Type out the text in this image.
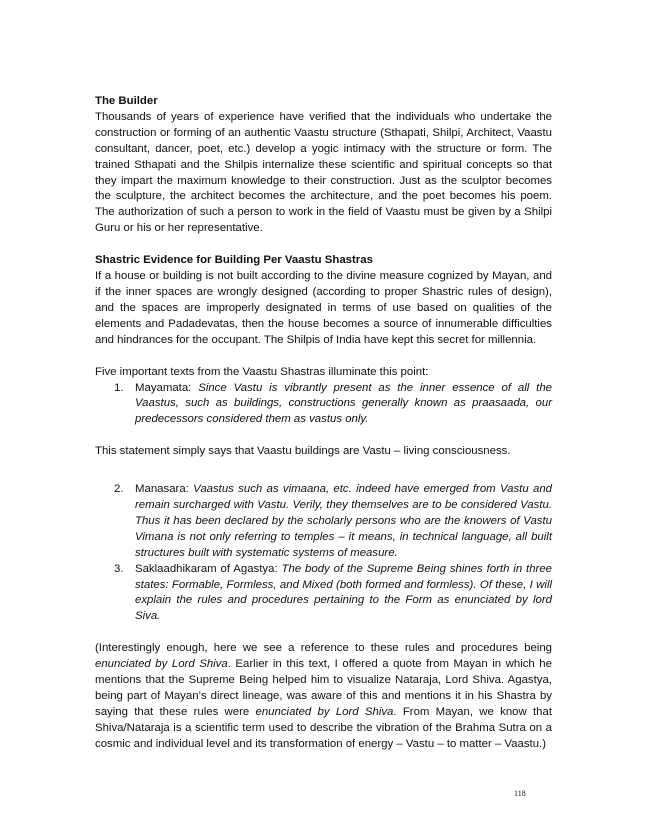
The Builder

Thousands of years of experience have verified that the individuals who undertake the construction or forming of an authentic Vaastu structure (Sthapati, Shilpi, Architect, Vaastu consultant, dancer, poet, etc.) develop a yogic intimacy with the structure or form. The trained Sthapati and the Shilpis internalize these scientific and spiritual concepts so that they impart the maximum knowledge to their construction. Just as the sculptor becomes the sculpture, the architect becomes the architecture, and the poet becomes his poem. The authorization of such a person to work in the field of Vaastu must be given by a Shilpi Guru or his or her representative.

Shastric Evidence for Building Per Vaastu Shastras

If a house or building is not built according to the divine measure cognized by Mayan, and if the inner spaces are wrongly designed (according to proper Shastric rules of design), and the spaces are improperly designated in terms of use based on qualities of the elements and Padadevatas, then the house becomes a source of innumerable difficulties and hindrances for the occupant. The Shilpis of India have kept this secret for millennia.

Five important texts from the Vaastu Shastras illuminate this point:

1. Mayamata: Since Vastu is vibrantly present as the inner essence of all the Vaastus, such as buildings, constructions generally known as praasaada, our predecessors considered them as vastus only.

This statement simply says that Vaastu buildings are Vastu – living consciousness.

2. Manasara: Vaastus such as vimaana, etc. indeed have emerged from Vastu and remain surcharged with Vastu. Verily, they themselves are to be considered Vastu. Thus it has been declared by the scholarly persons who are the knowers of Vastu Vimana is not only referring to temples – it means, in technical language, all built structures built with systematic systems of measure.
3. Saklaadhikaram of Agastya: The body of the Supreme Being shines forth in three states: Formable, Formless, and Mixed (both formed and formless). Of these, I will explain the rules and procedures pertaining to the Form as enunciated by lord Siva.

(Interestingly enough, here we see a reference to these rules and procedures being enunciated by Lord Shiva. Earlier in this text, I offered a quote from Mayan in which he mentions that the Supreme Being helped him to visualize Nataraja, Lord Shiva. Agastya, being part of Mayan’s direct lineage, was aware of this and mentions it in his Shastra by saying that these rules were enunciated by Lord Shiva. From Mayan, we know that Shiva/Nataraja is a scientific term used to describe the vibration of the Brahma Sutra on a cosmic and individual level and its transformation of energy – Vastu – to matter – Vaastu.)

118
